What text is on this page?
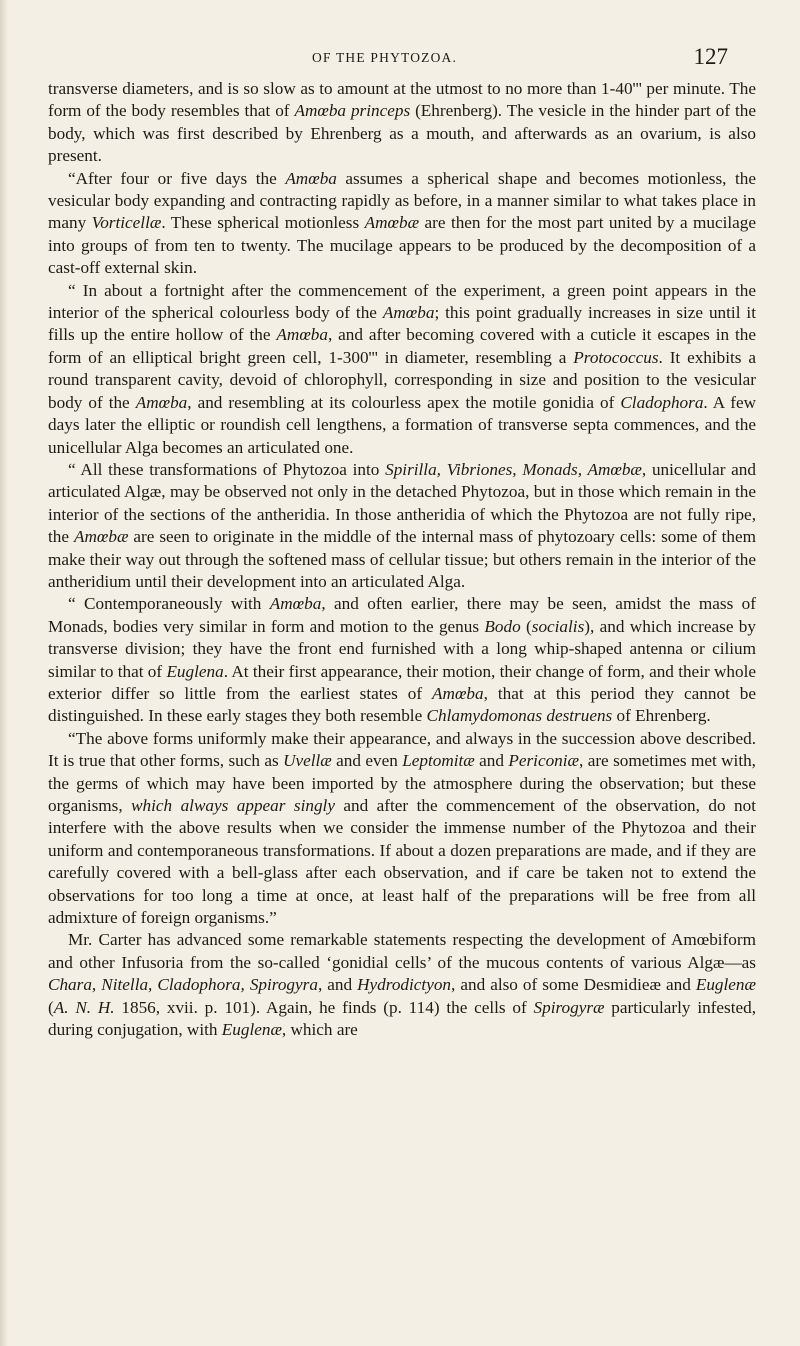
OF THE PHYTOZOA.	127

transverse diameters, and is so slow as to amount at the utmost to no more than 1-40''' per minute. The form of the body resembles that of Amœba princeps (Ehrenberg). The vesicle in the hinder part of the body, which was first described by Ehrenberg as a mouth, and afterwards as an ovarium, is also present.

“After four or five days the Amœba assumes a spherical shape and becomes motionless, the vesicular body expanding and contracting rapidly as before, in a manner similar to what takes place in many Vorticellæ. These spherical motionless Amœbæ are then for the most part united by a mucilage into groups of from ten to twenty. The mucilage appears to be produced by the decomposition of a cast-off external skin.

“ In about a fortnight after the commencement of the experiment, a green point appears in the interior of the spherical colourless body of the Amœba; this point gradually increases in size until it fills up the entire hollow of the Amœba, and after becoming covered with a cuticle it escapes in the form of an elliptical bright green cell, 1-300''' in diameter, resembling a Protococcus. It exhibits a round transparent cavity, devoid of chlorophyll, corresponding in size and position to the vesicular body of the Amœba, and resembling at its colourless apex the motile gonidia of Cladophora. A few days later the elliptic or roundish cell lengthens, a formation of transverse septa commences, and the unicellular Alga becomes an articulated one.

“ All these transformations of Phytozoa into Spirilla, Vibriones, Monads, Amœbæ, unicellular and articulated Algæ, may be observed not only in the detached Phytozoa, but in those which remain in the interior of the sections of the antheridia. In those antheridia of which the Phytozoa are not fully ripe, the Amœbæ are seen to originate in the middle of the internal mass of phytozoary cells: some of them make their way out through the softened mass of cellular tissue; but others remain in the interior of the antheridium until their development into an articulated Alga.

“ Contemporaneously with Amœba, and often earlier, there may be seen, amidst the mass of Monads, bodies very similar in form and motion to the genus Bodo (socialis), and which increase by transverse division; they have the front end furnished with a long whip-shaped antenna or cilium similar to that of Euglena. At their first appearance, their motion, their change of form, and their whole exterior differ so little from the earliest states of Amœba, that at this period they cannot be distinguished. In these early stages they both resemble Chlamydomonas destruens of Ehrenberg.

“The above forms uniformly make their appearance, and always in the succession above described. It is true that other forms, such as Uvellæ and even Leptomitæ and Periconiæ, are sometimes met with, the germs of which may have been imported by the atmosphere during the observation; but these organisms, which always appear singly and after the commencement of the observation, do not interfere with the above results when we consider the immense number of the Phytozoa and their uniform and contemporaneous transformations. If about a dozen preparations are made, and if they are carefully covered with a bell-glass after each observation, and if care be taken not to extend the observations for too long a time at once, at least half of the preparations will be free from all admixture of foreign organisms.”

Mr. Carter has advanced some remarkable statements respecting the development of Amœbiform and other Infusoria from the so-called ‘gonidial cells’ of the mucous contents of various Algæ—as Chara, Nitella, Cladophora, Spirogyra, and Hydrodictyon, and also of some Desmidieæ and Euglenæ (A. N. H. 1856, xvii. p. 101). Again, he finds (p. 114) the cells of Spirogyræ particularly infested, during conjugation, with Euglenæ, which are
